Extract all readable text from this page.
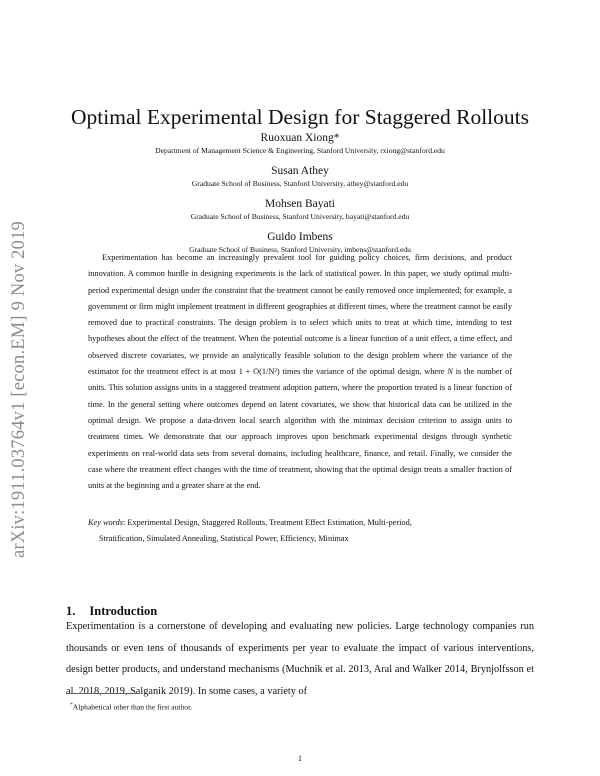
arXiv:1911.03764v1 [econ.EM] 9 Nov 2019
Optimal Experimental Design for Staggered Rollouts
Ruoxuan Xiong*
Department of Management Science & Engineering, Stanford University, rxiong@stanford.edu
Susan Athey
Graduate School of Business, Stanford University, athey@stanford.edu
Mohsen Bayati
Graduate School of Business, Stanford University, bayati@stanford.edu
Guido Imbens
Graduate School of Business, Stanford University, imbens@stanford.edu

Experimentation has become an increasingly prevalent tool for guiding policy choices, firm decisions, and product innovation. A common hurdle in designing experiments is the lack of statistical power. In this paper, we study optimal multi-period experimental design under the constraint that the treatment cannot be easily removed once implemented; for example, a government or firm might implement treatment in different geographies at different times, where the treatment cannot be easily removed due to practical constraints. The design problem is to select which units to treat at which time, intending to test hypotheses about the effect of the treatment. When the potential outcome is a linear function of a unit effect, a time effect, and observed discrete covariates, we provide an analytically feasible solution to the design problem where the variance of the estimator for the treatment effect is at most 1 + O(1/N²) times the variance of the optimal design, where N is the number of units. This solution assigns units in a staggered treatment adoption pattern, where the proportion treated is a linear function of time. In the general setting where outcomes depend on latent covariates, we show that historical data can be utilized in the optimal design. We propose a data-driven local search algorithm with the minimax decision criterion to assign units to treatment times. We demonstrate that our approach improves upon benchmark experimental designs through synthetic experiments on real-world data sets from several domains, including healthcare, finance, and retail. Finally, we consider the case where the treatment effect changes with the time of treatment, showing that the optimal design treats a smaller fraction of units at the beginning and a greater share at the end.

Key words: Experimental Design, Staggered Rollouts, Treatment Effect Estimation, Multi-period,
Stratification, Simulated Annealing, Statistical Power, Efficiency, Minimax
1. Introduction

Experimentation is a cornerstone of developing and evaluating new policies. Large technology companies run thousands or even tens of thousands of experiments per year to evaluate the impact of various interventions, design better products, and understand mechanisms (Muchnik et al. 2013, Aral and Walker 2014, Brynjolfsson et al. 2018, 2019, Salganik 2019). In some cases, a variety of

*Alphabetical other than the first author.
1
